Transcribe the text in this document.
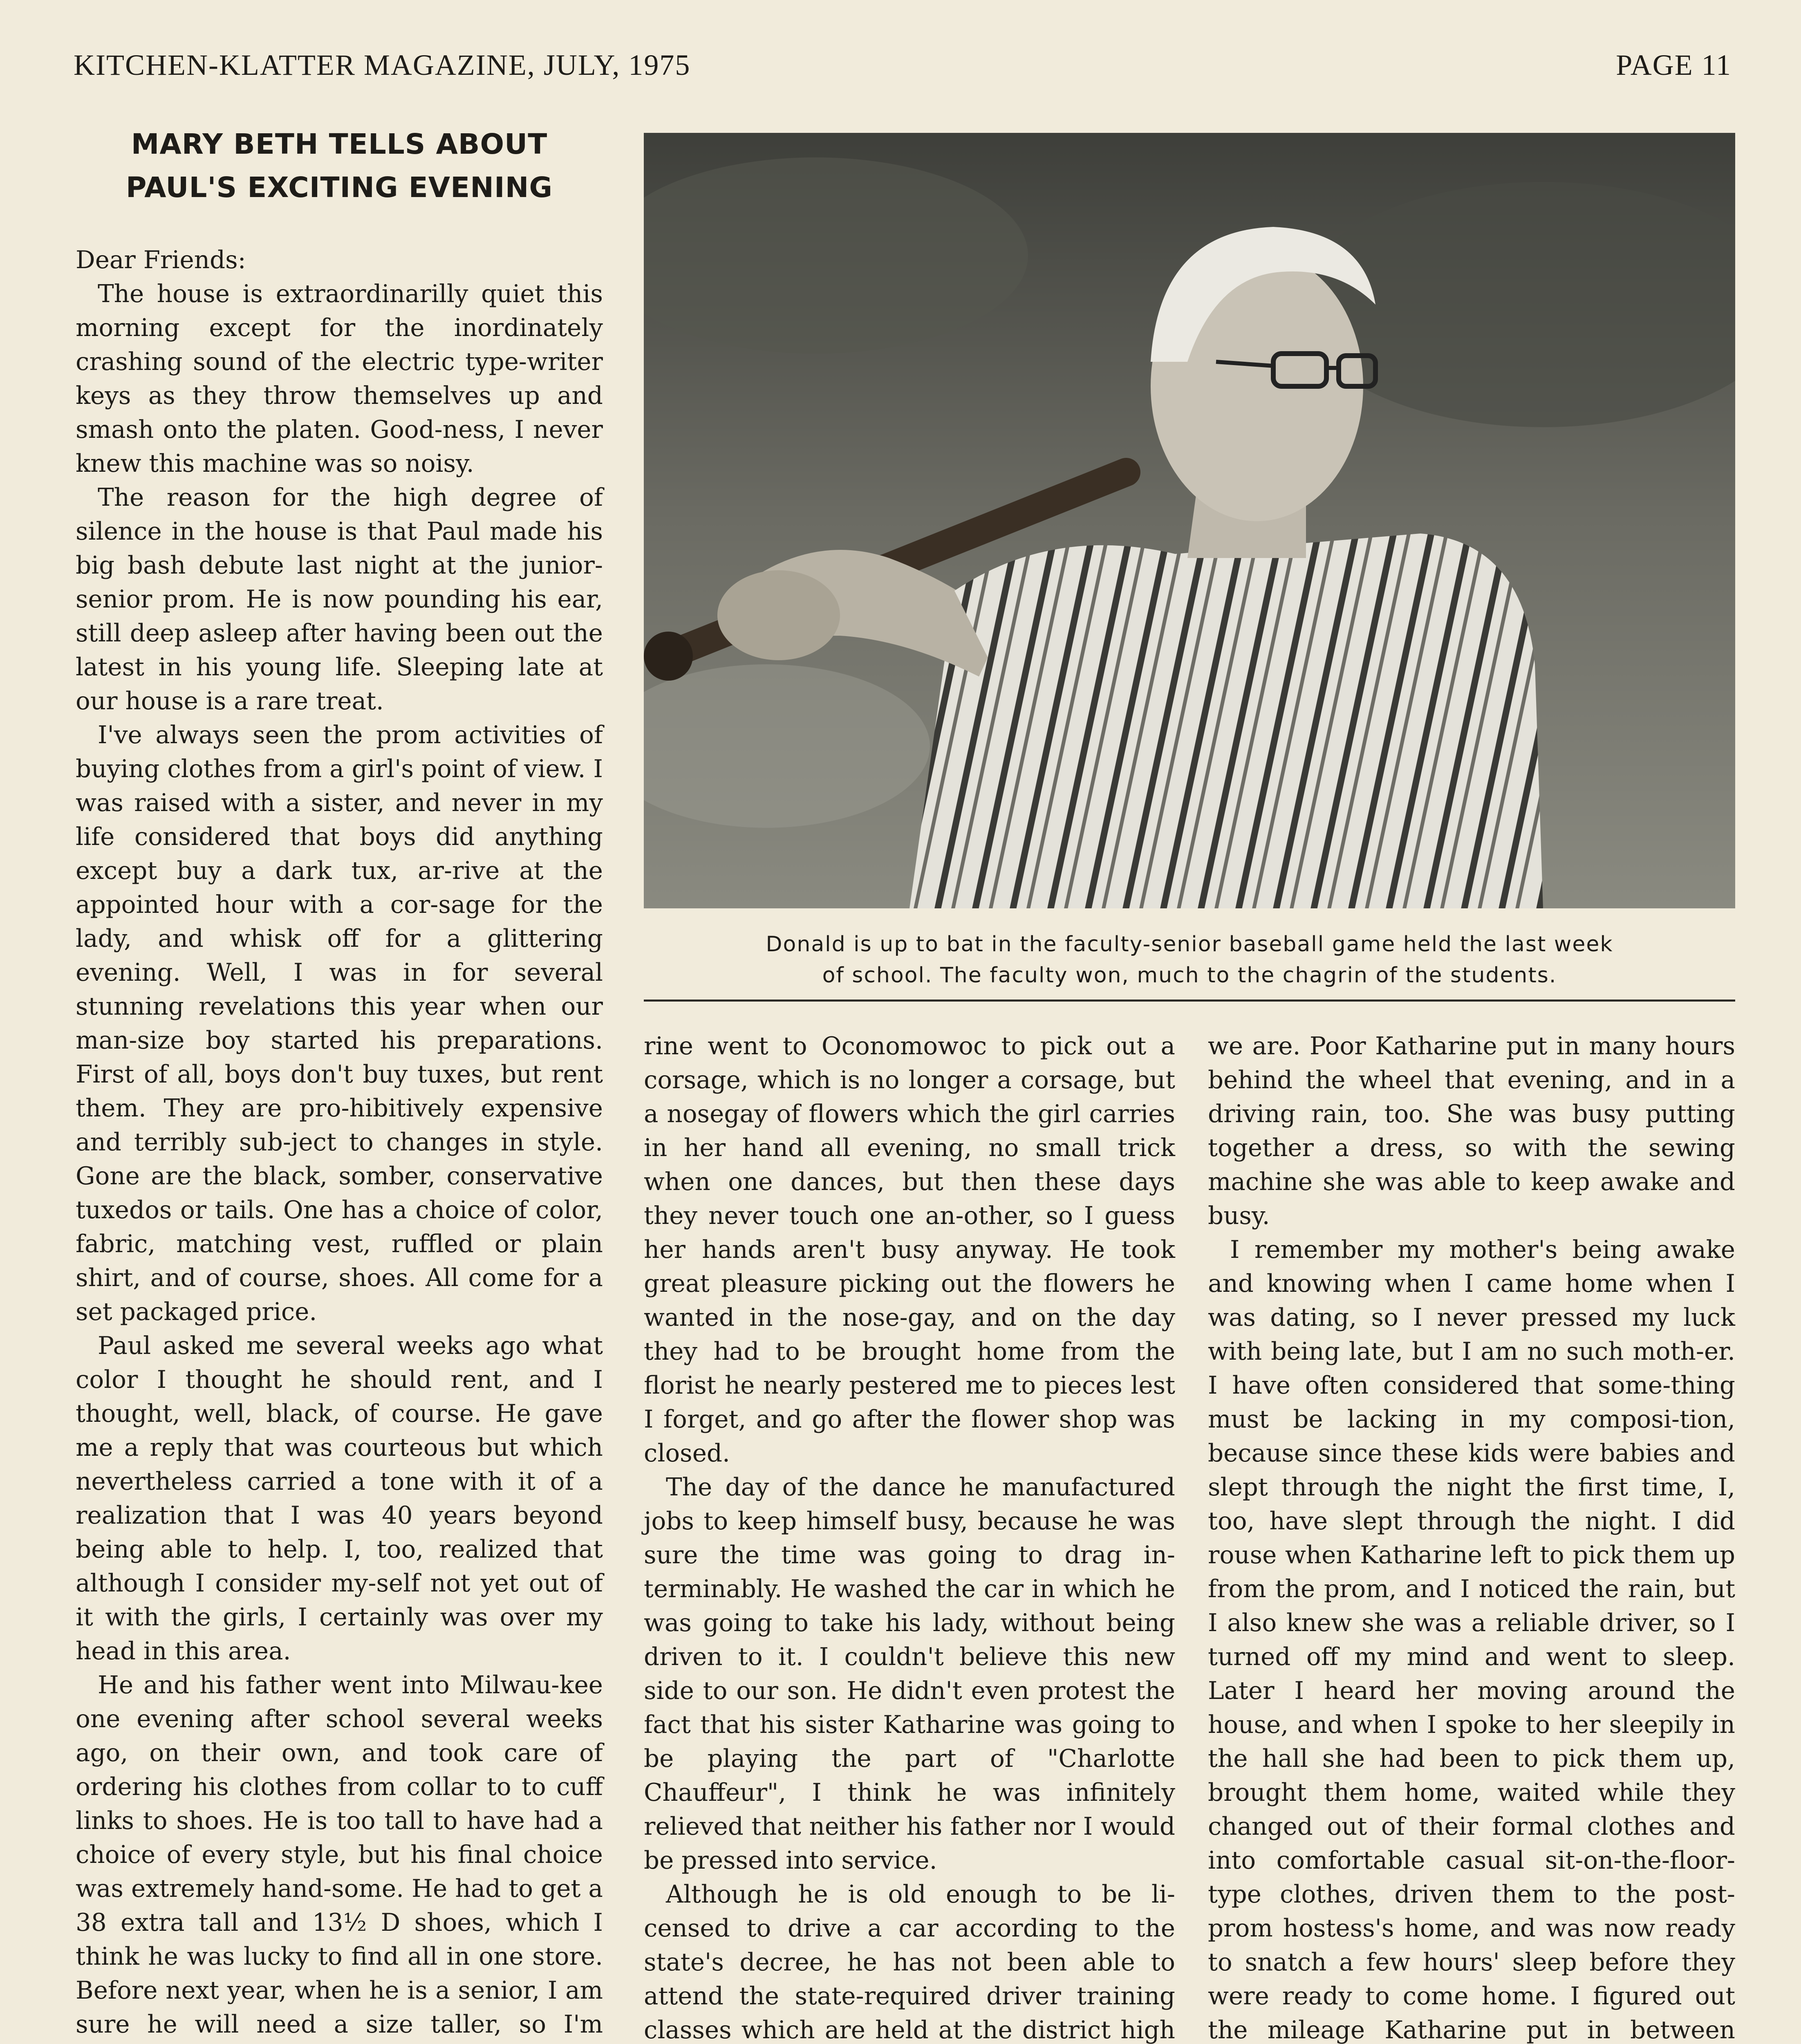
KITCHEN-KLATTER MAGAZINE, JULY, 1975	PAGE 11
MARY BETH TELLS ABOUT
PAUL'S EXCITING EVENING

Dear Friends:

The house is extraordinarilly quiet this morning except for the inordinately crashing sound of the electric type-writer keys as they throw themselves up and smash onto the platen. Good-ness, I never knew this machine was so noisy.

The reason for the high degree of silence in the house is that Paul made his big bash debute last night at the junior-senior prom. He is now pounding his ear, still deep asleep after having been out the latest in his young life. Sleeping late at our house is a rare treat.

I've always seen the prom activities of buying clothes from a girl's point of view. I was raised with a sister, and never in my life considered that boys did anything except buy a dark tux, ar-rive at the appointed hour with a cor-sage for the lady, and whisk off for a glittering evening. Well, I was in for several stunning revelations this year when our man-size boy started his preparations. First of all, boys don't buy tuxes, but rent them. They are pro-hibitively expensive and terribly sub-ject to changes in style. Gone are the black, somber, conservative tuxedos or tails. One has a choice of color, fabric, matching vest, ruffled or plain shirt, and of course, shoes. All come for a set packaged price.

Paul asked me several weeks ago what color I thought he should rent, and I thought, well, black, of course. He gave me a reply that was courteous but which nevertheless carried a tone with it of a realization that I was 40 years beyond being able to help. I, too, realized that although I consider my-self not yet out of it with the girls, I certainly was over my head in this area.

He and his father went into Milwau-kee one evening after school several weeks ago, on their own, and took care of ordering his clothes from collar to to cuff links to shoes. He is too tall to have had a choice of every style, but his final choice was extremely hand-some. He had to get a 38 extra tall and 13½ D shoes, which I think he was lucky to find all in one store. Before next year, when he is a senior, I am sure he will need a size taller, so I'm

Donald is up to bat in the faculty-senior baseball game held the last week
of school. The faculty won, much to the chagrin of the students.

rine went to Oconomowoc to pick out a corsage, which is no longer a corsage, but a nosegay of flowers which the girl carries in her hand all evening, no small trick when one dances, but then these days they never touch one an-other, so I guess her hands aren't busy anyway. He took great pleasure picking out the flowers he wanted in the nose-gay, and on the day they had to be brought home from the florist he nearly pestered me to pieces lest I forget, and go after the flower shop was closed.

The day of the dance he manufactured jobs to keep himself busy, because he was sure the time was going to drag in-terminably. He washed the car in which he was going to take his lady, without being driven to it. I couldn't believe this new side to our son. He didn't even protest the fact that his sister Katharine was going to be playing the part of "Charlotte Chauffeur", I think he was infinitely relieved that neither his father nor I would be pressed into service.

Although he is old enough to be li-censed to drive a car according to the state's decree, he has not been able to attend the state-required driver training classes which are held at the district high

we are. Poor Katharine put in many hours behind the wheel that evening, and in a driving rain, too. She was busy putting together a dress, so with the sewing machine she was able to keep awake and busy.

I remember my mother's being awake and knowing when I came home when I was dating, so I never pressed my luck with being late, but I am no such moth-er. I have often considered that some-thing must be lacking in my composi-tion, because since these kids were babies and slept through the night the first time, I, too, have slept through the night. I did rouse when Katharine left to pick them up from the prom, and I noticed the rain, but I also knew she was a reliable driver, so I turned off my mind and went to sleep. Later I heard her moving around the house, and when I spoke to her sleepily in the hall she had been to pick them up, brought them home, waited while they changed out of their formal clothes and into comfortable casual sit-on-the-floor-type clothes, driven them to the post-prom hostess's home, and was now ready to snatch a few hours' sleep before they were ready to come home. I figured out the mileage Katharine put in between
